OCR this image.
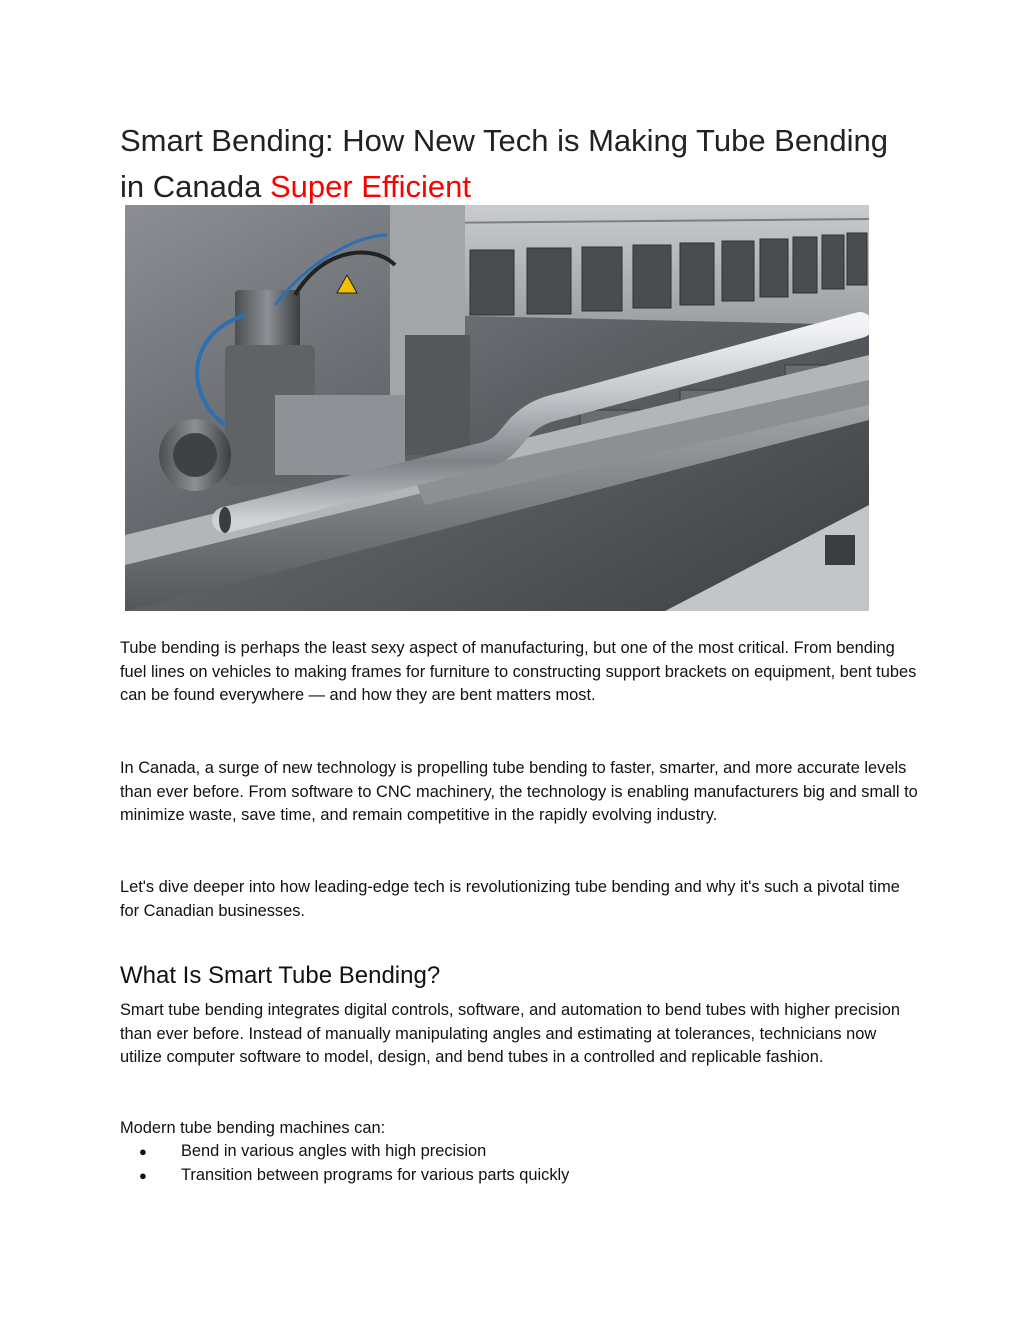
Smart Bending: How New Tech is Making Tube Bending in Canada Super Efficient

Tube bending is perhaps the least sexy aspect of manufacturing, but one of the most critical. From bending fuel lines on vehicles to making frames for furniture to constructing support brackets on equipment, bent tubes can be found everywhere — and how they are bent matters most.

In Canada, a surge of new technology is propelling tube bending to faster, smarter, and more accurate levels than ever before. From software to CNC machinery, the technology is enabling manufacturers big and small to minimize waste, save time, and remain competitive in the rapidly evolving industry.

Let's dive deeper into how leading-edge tech is revolutionizing tube bending and why it's such a pivotal time for Canadian businesses.

What Is Smart Tube Bending?

Smart tube bending integrates digital controls, software, and automation to bend tubes with higher precision than ever before. Instead of manually manipulating angles and estimating at tolerances, technicians now utilize computer software to model, design, and bend tubes in a controlled and replicable fashion.

Modern tube bending machines can:

● Bend in various angles with high precision
● Transition between programs for various parts quickly
